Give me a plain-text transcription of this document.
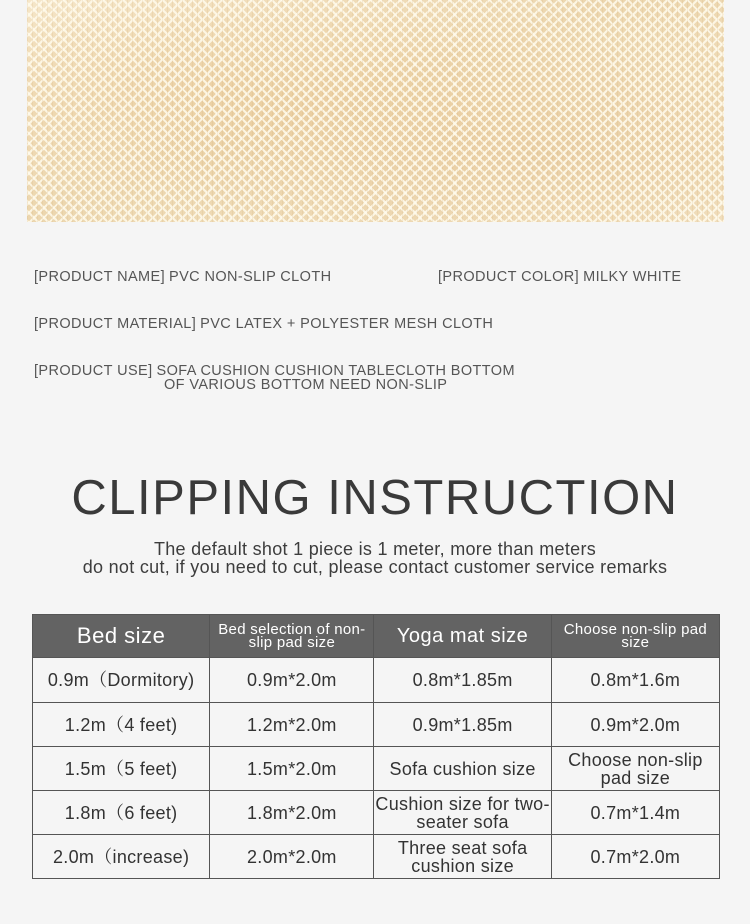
[PRODUCT NAME] PVC NON-SLIP CLOTH	[PRODUCT COLOR] MILKY WHITE
[PRODUCT MATERIAL] PVC LATEX + POLYESTER MESH CLOTH
[PRODUCT USE] SOFA CUSHION CUSHION TABLECLOTH BOTTOM
OF VARIOUS BOTTOM NEED NON-SLIP
CLIPPING INSTRUCTION
The default shot 1 piece is 1 meter, more than meters
do not cut, if you need to cut, please contact customer service remarks
Bed size	Bed selection of non-slip pad size	Yoga mat size	Choose non-slip pad size
0.9m（Dormitory)	0.9m*2.0m	0.8m*1.85m	0.8m*1.6m
1.2m（4 feet)	1.2m*2.0m	0.9m*1.85m	0.9m*2.0m
1.5m（5 feet)	1.5m*2.0m	Sofa cushion size	Choose non-slip pad size
1.8m（6 feet)	1.8m*2.0m	Cushion size for two-seater sofa	0.7m*1.4m
2.0m（increase)	2.0m*2.0m	Three seat sofa cushion size	0.7m*2.0m
